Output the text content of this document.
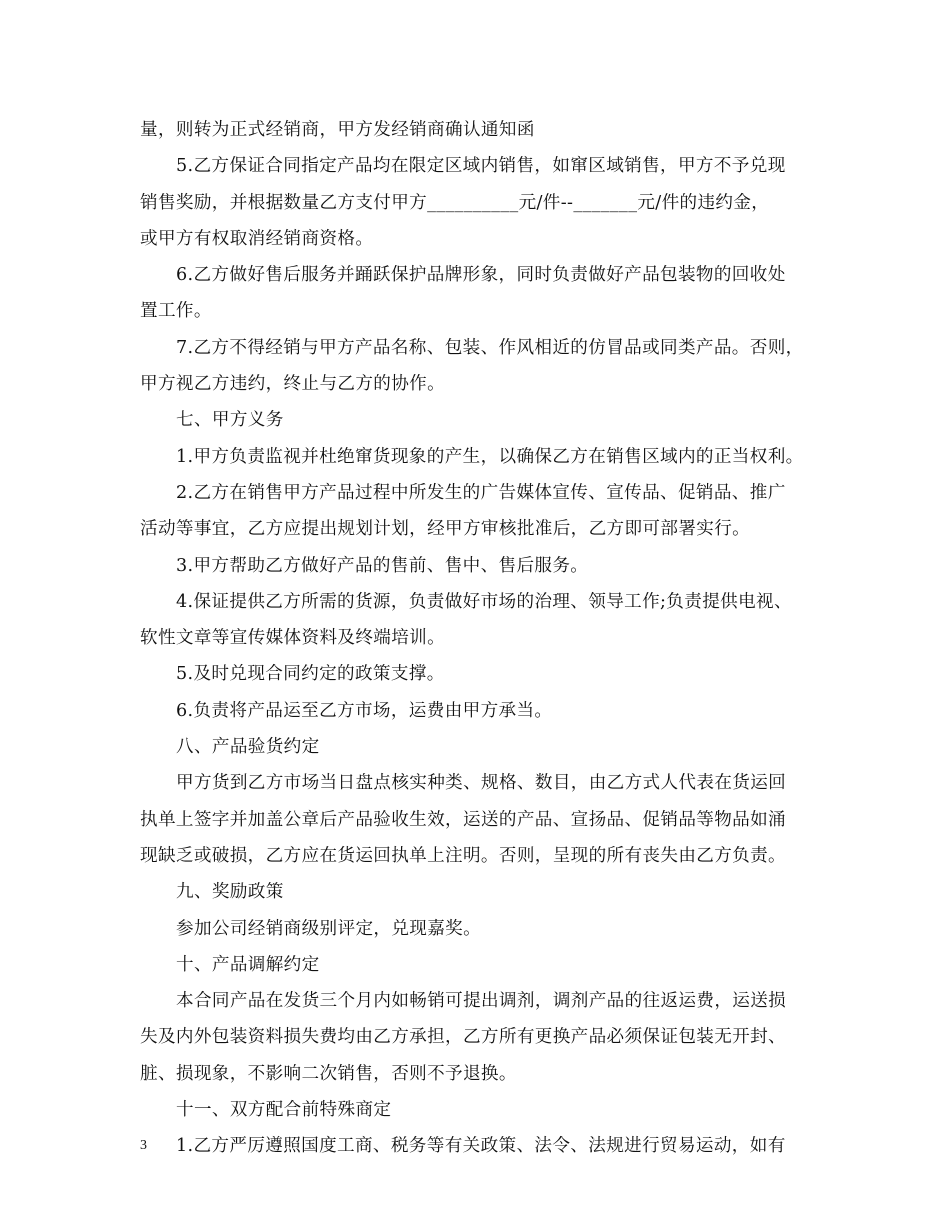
量，则转为正式经销商，甲方发经销商确认通知函

5.乙方保证合同指定产品均在限定区域内销售，如窜区域销售，甲方不予兑现

销售奖励，并根据数量乙方支付甲方__________元/件--_______元/件的违约金，

或甲方有权取消经销商资格。

6.乙方做好售后服务并踊跃保护品牌形象，同时负责做好产品包装物的回收处

置工作。

7.乙方不得经销与甲方产品名称、包装、作风相近的仿冒品或同类产品。否则，

甲方视乙方违约，终止与乙方的协作。

七、甲方义务

1.甲方负责监视并杜绝窜货现象的产生，以确保乙方在销售区域内的正当权利。

2.乙方在销售甲方产品过程中所发生的广告媒体宣传、宣传品、促销品、推广

活动等事宜，乙方应提出规划计划，经甲方审核批准后，乙方即可部署实行。

3.甲方帮助乙方做好产品的售前、售中、售后服务。

4.保证提供乙方所需的货源，负责做好市场的治理、领导工作;负责提供电视、

软性文章等宣传媒体资料及终端培训。

5.及时兑现合同约定的政策支撑。

6.负责将产品运至乙方市场，运费由甲方承当。

八、产品验货约定

甲方货到乙方市场当日盘点核实种类、规格、数目，由乙方式人代表在货运回

执单上签字并加盖公章后产品验收生效，运送的产品、宣扬品、促销品等物品如涌

现缺乏或破损，乙方应在货运回执单上注明。否则，呈现的所有丧失由乙方负责。

九、奖励政策

参加公司经销商级别评定，兑现嘉奖。

十、产品调解约定

本合同产品在发货三个月内如畅销可提出调剂，调剂产品的往返运费，运送损

失及内外包装资料损失费均由乙方承担，乙方所有更换产品必须保证包装无开封、

脏、损现象，不影响二次销售，否则不予退换。

十一、双方配合前特殊商定

1.乙方严厉遵照国度工商、税务等有关政策、法令、法规进行贸易运动，如有

3
